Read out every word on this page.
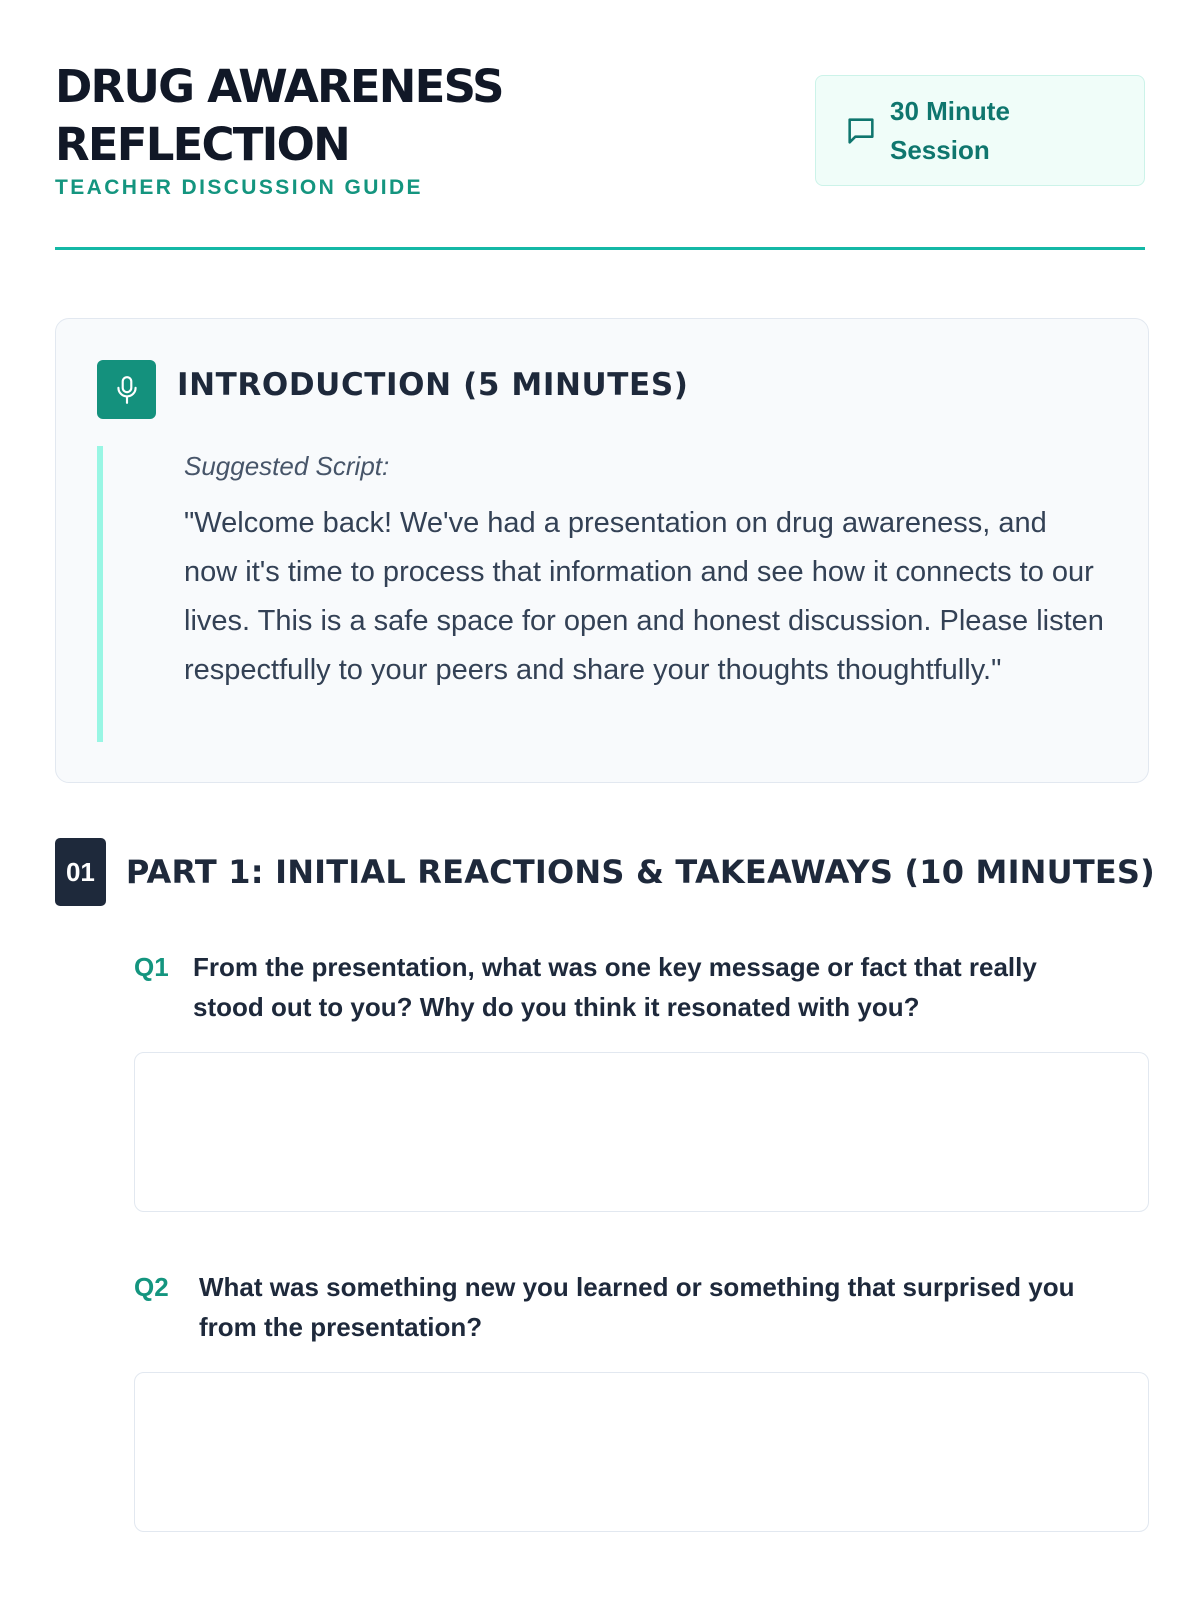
DRUG AWARENESS REFLECTION
TEACHER DISCUSSION GUIDE
30 Minute Session
INTRODUCTION (5 MINUTES)
Suggested Script:

"Welcome back! We've had a presentation on drug awareness, and now it's time to process that information and see how it connects to our lives. This is a safe space for open and honest discussion. Please listen respectfully to your peers and share your thoughts thoughtfully."

01 PART 1: INITIAL REACTIONS & TAKEAWAYS (10 MINUTES)
Q1 From the presentation, what was one key message or fact that really stood out to you? Why do you think it resonated with you?
Q2	What was something new you learned or something that surprised you from the presentation?
